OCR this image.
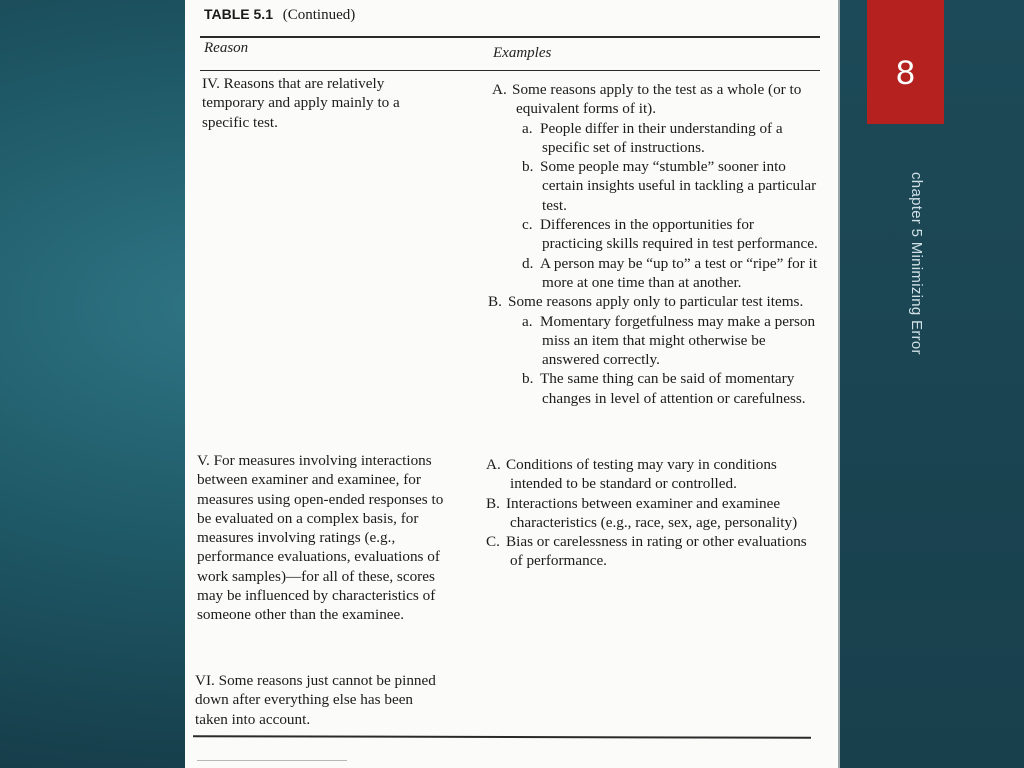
8
chapter 5 Minimizing Error
TABLE 5.1 (Continued)
Reason	Examples
IV. Reasons that are relatively temporary and apply mainly to a specific test.
A. Some reasons apply to the test as a whole (or to equivalent forms of it).
a. People differ in their understanding of a specific set of instructions.
b. Some people may “stumble” sooner into certain insights useful in tackling a particular test.
c. Differences in the opportunities for practicing skills required in test performance.
d. A person may be “up to” a test or “ripe” for it more at one time than at another.
B. Some reasons apply only to particular test items.
a. Momentary forgetfulness may make a person miss an item that might otherwise be answered correctly.
b. The same thing can be said of momentary changes in level of attention or carefulness.
V. For measures involving interactions between examiner and examinee, for measures using open-ended responses to be evaluated on a complex basis, for measures involving ratings (e.g., performance evaluations, evaluations of work samples)—for all of these, scores may be influenced by characteristics of someone other than the examinee.
A. Conditions of testing may vary in conditions intended to be standard or controlled.
B. Interactions between examiner and examinee characteristics (e.g., race, sex, age, personality)
C. Bias or carelessness in rating or other evaluations of performance.
VI. Some reasons just cannot be pinned down after everything else has been taken into account.
